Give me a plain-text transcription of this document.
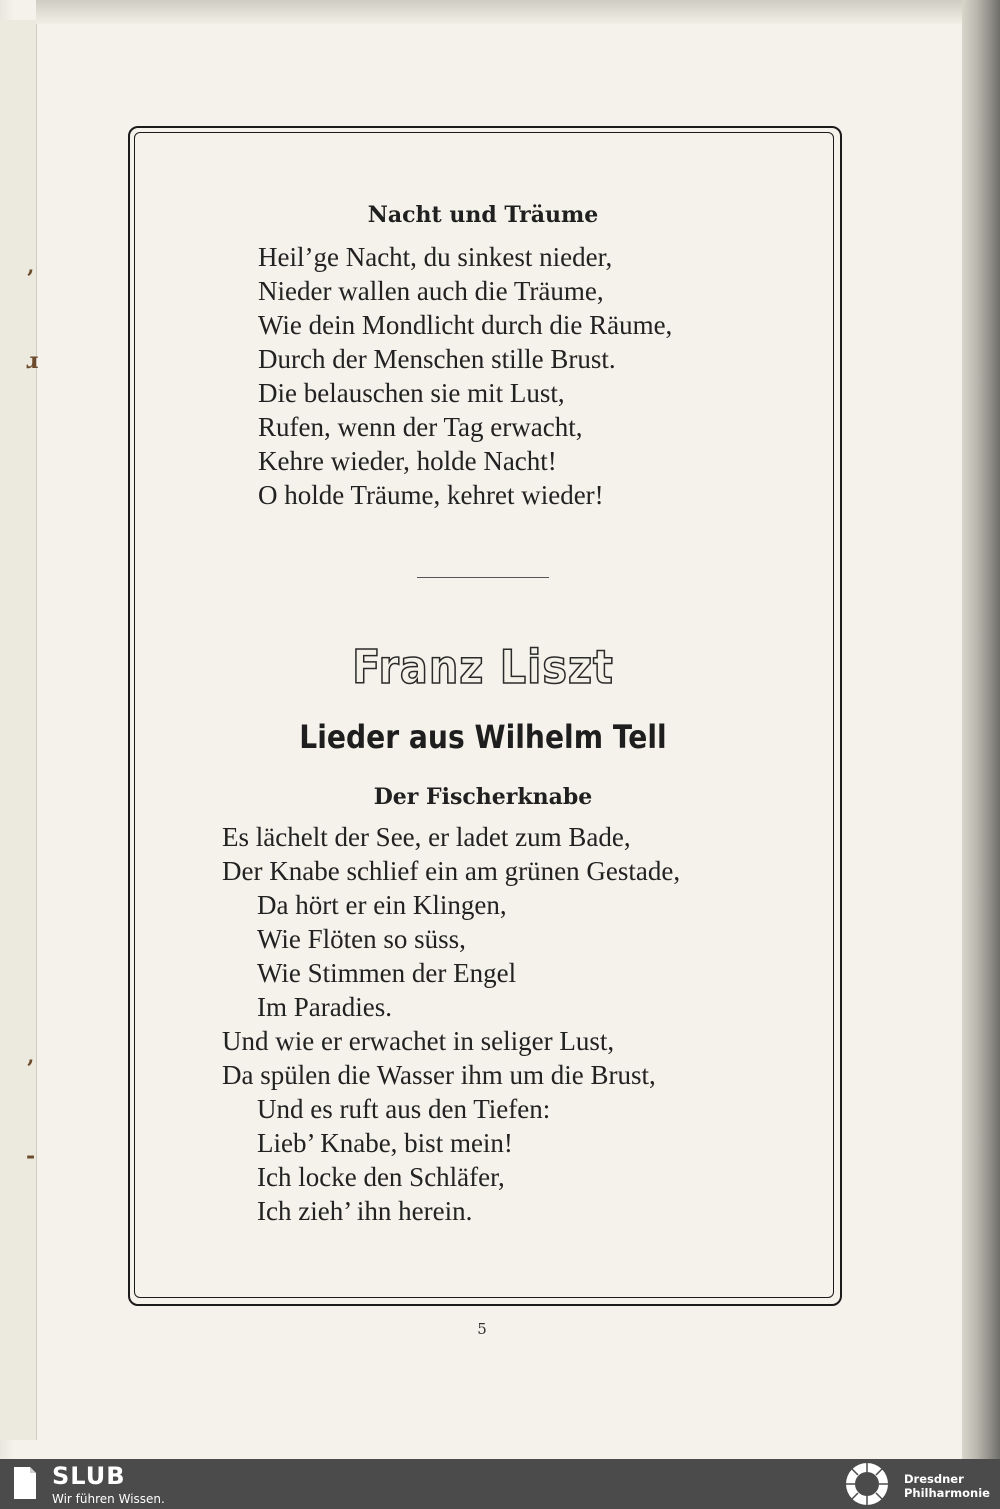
ʼ
ɹ
ʼ
-
Nacht und Träume
Heil’ge Nacht, du sinkest nieder,
Nieder wallen auch die Träume,
Wie dein Mondlicht durch die Räume,
Durch der Menschen stille Brust.
Die belauschen sie mit Lust,
Rufen, wenn der Tag erwacht,
Kehre wieder, holde Nacht!
O holde Träume, kehret wieder!
Franz Liszt
Lieder aus Wilhelm Tell
Der Fischerknabe
Es lächelt der See, er ladet zum Bade,
Der Knabe schlief ein am grünen Gestade,
Da hört er ein Klingen,
Wie Flöten so süss,
Wie Stimmen der Engel
Im Paradies.
Und wie er erwachet in seliger Lust,
Da spülen die Wasser ihm um die Brust,
Und es ruft aus den Tiefen:
Lieb’ Knabe, bist mein!
Ich locke den Schläfer,
Ich zieh’ ihn herein.
5
SLUB
Wir führen Wissen.
Dresdner
Philharmonie
